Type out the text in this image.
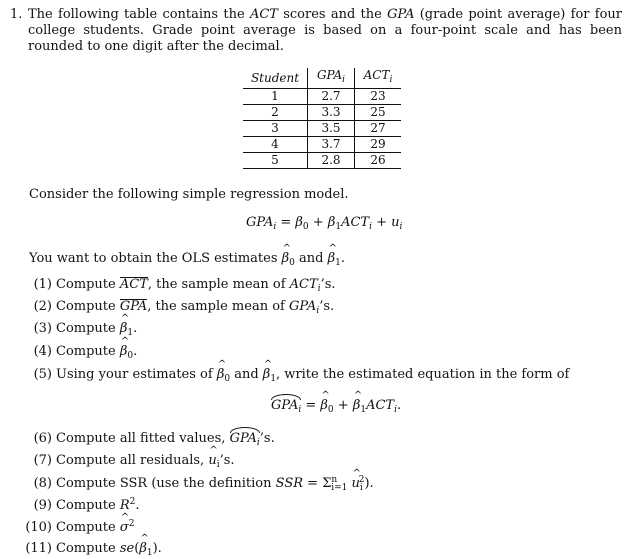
1. The following table contains the ACT scores and the GPA (grade point average) for four college students. Grade point average is based on a four-point scale and has been rounded to one digit after the decimal.
Student	$GPA_i$	$ACT_i$
1	2.7	23
2	3.3	25
3	3.5	27
4	3.7	29
5	2.8	26
Consider the following simple regression model.
$GPA_i = \beta_0 + \beta_1ACT_i + u_i$
You want to obtain the OLS estimates ^ $\beta_0$ and ^ $\beta_1$.
(1) Compute ACT, the sample mean of $ACT_i’s$.
(2) Compute GPA, the sample mean of $GPA_i’s$.
(3) Compute ^ $\beta_1$.
(4) Compute ^ $\beta_0$.
(5) Using your estimates of ^ $\beta_0$ and ^ $\beta_1$, write the estimated equation in the form of
$GPA_i$ = ^ $\beta_0$ + ^ $\beta_1ACT_i$.
(6) Compute all fitted values, $GPA_i’s$.
(7) Compute all residuals, ^ $u_i’s$.
(8) Compute SSR (use the definition SSR = $\Sigma^n_{i=1}$ ^ $u_i^2$).
(9) Compute $R^2$.
(10) Compute ^ $\sigma^2$
(11) Compute se(^ $\beta_1$).
